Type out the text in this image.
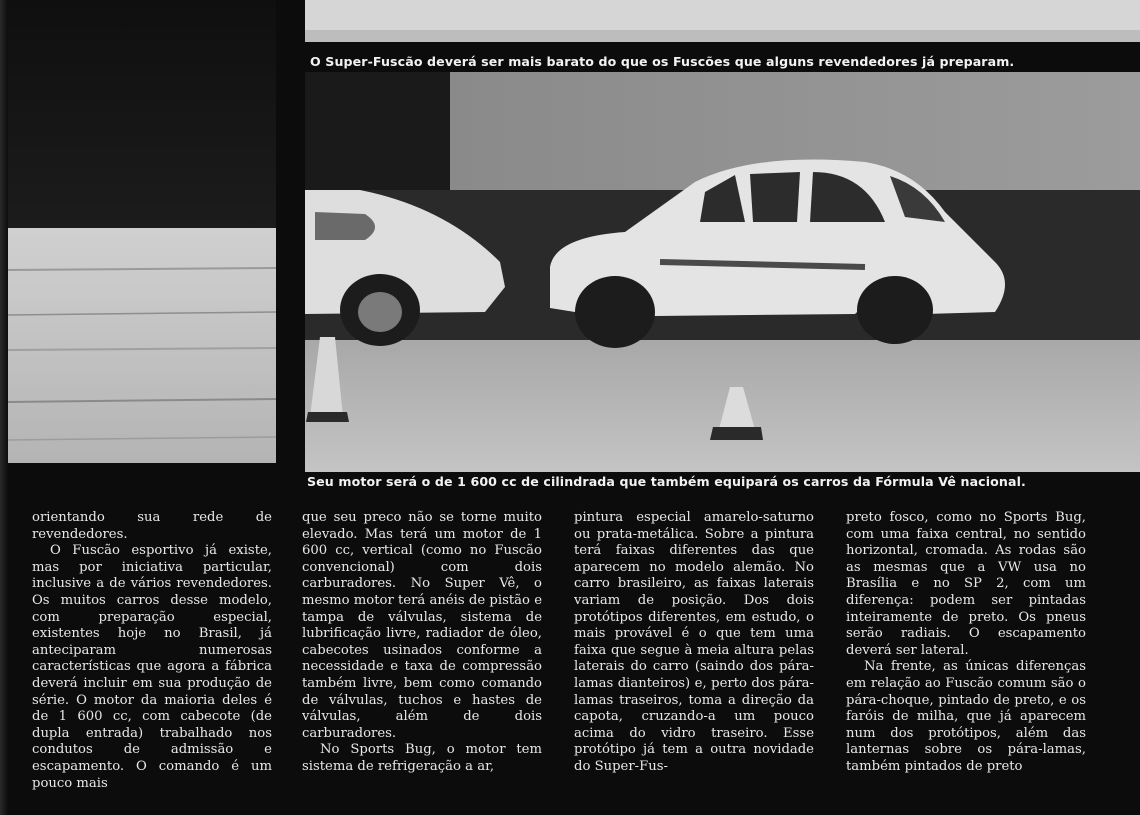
O Super-Fuscão deverá ser mais barato do que os Fuscões que alguns revendedores já preparam.
Seu motor será o de 1 600 cc de cilindrada que também equipará os carros da Fórmula Vê nacional.

orientando sua rede de revendedores.

O Fuscão esportivo já existe, mas por iniciativa particular, inclusive a de vários revendedores. Os muitos carros desse modelo, com preparação especial, existentes hoje no Brasil, já anteciparam numerosas características que agora a fábrica deverá incluir em sua produção de série. O motor da maioria deles é de 1 600 cc, com cabecote (de dupla entrada) trabalhado nos condutos de admissão e escapamento. O comando é um pouco mais

que seu preco não se torne muito elevado. Mas terá um motor de 1 600 cc, vertical (como no Fuscão convencional) com dois carburadores. No Super Vê, o mesmo motor terá anéis de pistão e tampa de válvulas, sistema de lubrificação livre, radiador de óleo, cabecotes usinados conforme a necessidade e taxa de compressão também livre, bem como comando de válvulas, tuchos e hastes de válvulas, além de dois carburadores.

No Sports Bug, o motor tem sistema de refrigeração a ar,

pintura especial amarelo-saturno ou prata-metálica. Sobre a pintura terá faixas diferentes das que aparecem no modelo alemão. No carro brasileiro, as faixas laterais variam de posição. Dos dois protótipos diferentes, em estudo, o mais provável é o que tem uma faixa que segue à meia altura pelas laterais do carro (saindo dos pára-lamas dianteiros) e, perto dos pára-lamas traseiros, toma a direção da capota, cruzando-a um pouco acima do vidro traseiro. Esse protótipo já tem a outra novidade do Super-Fus-

preto fosco, como no Sports Bug, com uma faixa central, no sentido horizontal, cromada. As rodas são as mesmas que a VW usa no Brasília e no SP 2, com um diferença: podem ser pintadas inteiramente de preto. Os pneus serão radiais. O escapamento deverá ser lateral.

Na frente, as únicas diferenças em relação ao Fuscão comum são o pára-choque, pintado de preto, e os faróis de milha, que já aparecem num dos protótipos, além das lanternas sobre os pára-lamas, também pintados de preto
